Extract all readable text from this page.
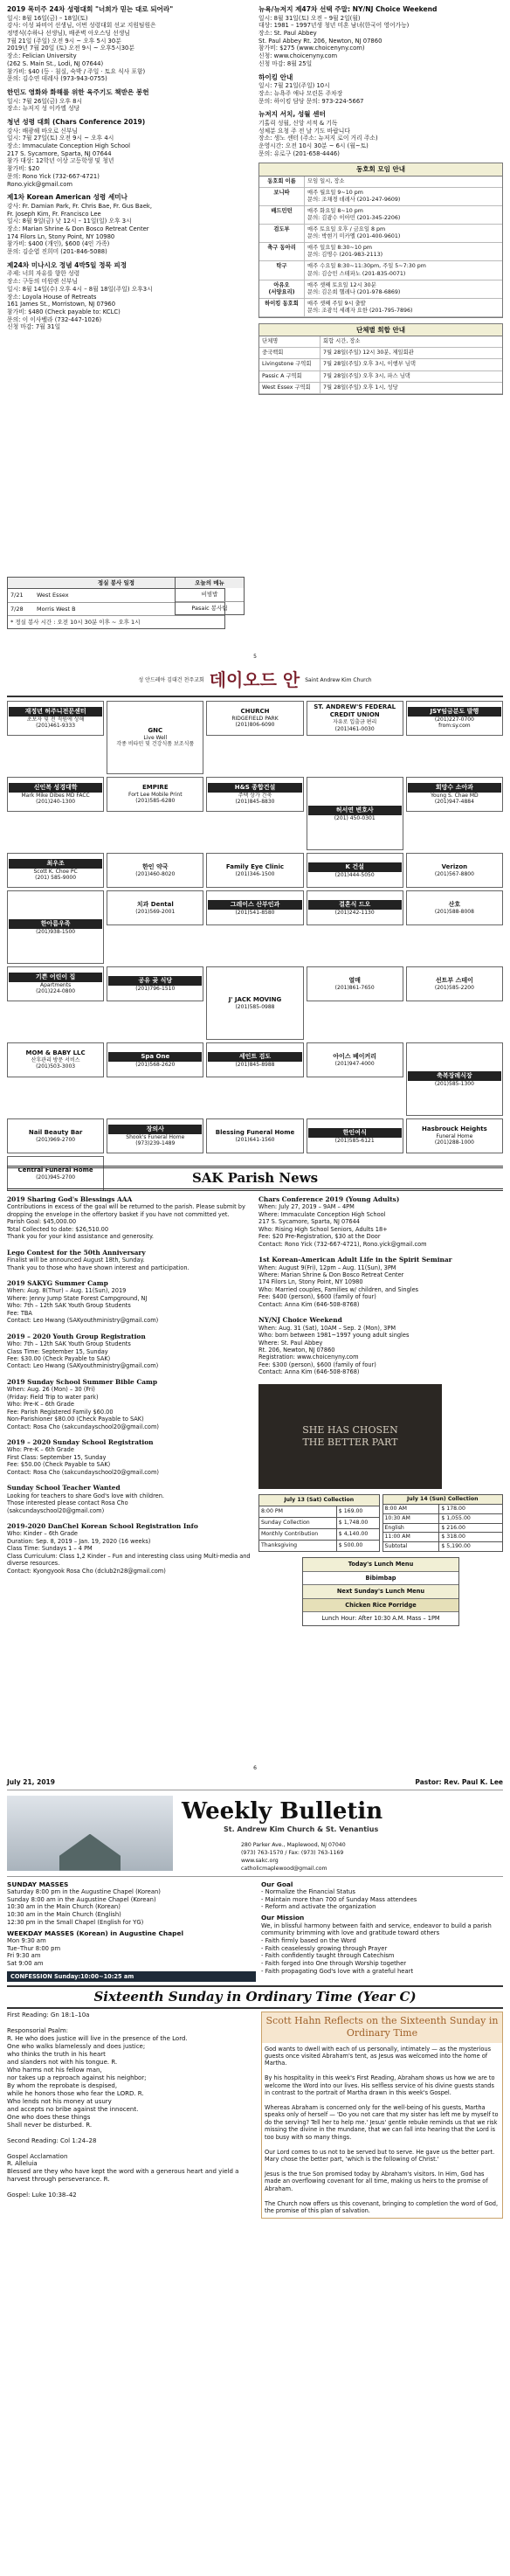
2019 목미주 24차 성령대회 "너희가 믿는 대로 되어라"

일시: 8월 16일(금) – 18일(토)
강사: 이성 파비어 선생님, 이번 성령대회 선교 지원팀원은
정명식(수하나 선생님), 배준벽 아오스딩 선생님
7월 21일 (주일) 오전 9시 ~ 오후 5시 30분
2019년 7월 20일 (토) 오전 9시 ~ 오후5시30분
장소: Felician University
(262 S. Main St., Lodi, NJ 07644)
참가비: $40 (등 · 침실, 숙박 / 주일 · 토요 식사 포함)
문의: 김수연 데레사 (973-943-0755)

한민도 영화와 화해를 위한 육주기도 책받은 봉헌

일시: 7월 26일(금) 오후 8시
장소: 뉴저지 성 이카엘 성당

청년 성령 대회 (Chars Conference 2019)

강사: 배광해 바오로 신부님
일시: 7월 27일(토) 오전 9시 ~ 오후 4시
장소: Immaculate Conception High School
217 S. Sycamore, Sparta, NJ 07644
참가 대상: 12학년 이상 고등학생 및 청년
참가비: $20
문의: Rono Yick (732-667-4721)
Rono.yick@gmail.com

제1차 Korean American 성령 세미나

강사: Fr. Damian Park, Fr. Chris Bae, Fr. Gus Baek,
Fr. Joseph Kim, Fr. Francisco Lee
일시: 8월 9일(금) 낮 12시 – 11일(일) 오후 3시
장소: Marian Shrine & Don Bosco Retreat Center
174 Filors Ln, Stony Point, NY 10980
참가비: $400 (개인), $600 (4인 가족)
문의: 김순엽 진희미 (201-846-5088)

제24차 미나시오 정념 4박5일 정묵 피정

주제: 너희 자유를 향한 성령
장소: 구동의 미원랜 신부님
일시: 8월 14일(수) 오후 4시 – 8월 18일(주일) 오후3시
장소: Loyola House of Retreats
161 James St., Morristown, NJ 07960
참가비: $480 (Check payable to: KCLC)
문의: 이 이사벨라 (732-447-1026)
신청 마감: 7월 31일

뉴욕/뉴저지 제47차 선택 주말: NY/NJ Choice Weekend

일시: 8월 31일(토) 오전 – 9월 2일(월)
대상: 1981 – 1997년생 청년 미혼 남녀(한국어 영어가능)
장소: St. Paul Abbey
St. Paul Abbey Rt. 206, Newton, NJ 07860
참가비: $275 (www.choicenyny.com)
신청: www.choicenyny.com
신청 마감: 8월 25일

하이킹 안내

일시: 7월 21일(주일) 10시
장소: 뉴욕주 애나 모린톤 주차장
문의: 하이킹 담당 문의: 973-224-5667

뉴저지 서치, 성월 센터

기홀릭 성월, 신앙 서적 & 기독
성체분 요청 주 전 날 기도 바랍니다
장소: 생노 센터 (주소: 뉴저지 로이 거리 주소)
운영시간: 오전 10시 30분 ~ 6시 (월~토)
문의: 유로구 (201-658-4446)

동호회 모임 안내
동호회 이름	모임 일시, 장소
보니따	매주 월요일 9~10 pm
문의: 조채경 데레사 (201-247-9609)
배드민턴	매주 화요일 8~10 pm
문의: 김광수 이아민 (201-345-2206)
검도부	매주 토요일 오후 / 금요일 8 pm
문의: 박현기 미카엘 (201-400-9601)
축구 동아리	매주 일요일 8:30~10 pm
문의: 김명수 (201-983-2113)
탁구	매주 수요일 8:30~11:30pm, 주일 5~7:30 pm
문의: 김승민 스테파노 (201-835-0071)
아유오
(서양요리)
매주 셋째 토요일 12시 30분
문의: 김은희 헬레나 (201-978-6869)
하이킹 동호회	매주 셋째 주일 9시 출발
문의: 조광석 세례자 요한 (201-795-7896)
단체별 회합 안내
단체명	회합 시간, 장소
중국백회	7월 28일(주일) 12시 30분, 제일회관
Livingstone 구역회	7월 28일(주일) 오후 3시, 이행부 님댁
Passic A 구역회	7월 28일(주일) 오후 3시, 파스 님댁
West Essex 구역회	7월 28일(주일) 오후 1시, 성당
정실 봉사 일정
7/21	West Essex
7/28	Morris West B
* 정실 봉사 시간 : 오전 10시 30분 이후 ~ 오후 1시
오늘의 메뉴
비빔밥
Pasaic 봉사팀
5
성 안드레아 김대건 천주교회 데이오드 안 Saint Andrew Kim Church
재정년 허주니전문센터
초보자 및 전 직원에 상해
(201)461-9333
GNC
Live Well
각종 비타민 및 건강식품 보조식품
CHURCH
RIDGEFIELD PARK
(201)806-6090
ST. ANDREW'S FEDERAL CREDIT UNION
자유로 입출금 편리
(201)461-0030
JSY임금분도 발행
(201)227-0700
from:sy.com
신인복 성경대학
Mark Mike Dibes MD FACC
(201)240-1300
EMPIRE
Fort Lee Mobile Print
(201)585-6280
H&S 종합건설
주택 상가 건축
(201)845-8830
허서연 변호사
(201) 450-0301
회망수 소아과
Young S. Chae MD
(201)947-4884
최우조
Scott K. Choe PC
(201) 585-9000
한인 약국
(201)460-8020
Family Eye Clinic
(201)346-1500
K 건설
(201)444-5050
Verizon
(201)567-8800
한아름우족
(201)938-1500
치과 Dental
(201)569-2001
그레이스 산부인과
(201)541-8580
결혼식 드오
(201)242-1130
산호
(201)588-8008
기쁜 어린이 집
Apartments
(201)224-0800
공유 곶 식당
(201)796-1510
J' JACK MOVING
(201)585-0988
열매
(201)861-7650
선트부 스테이
(201)585-2200
MOM & BABY LLC
산후관리 방문 서비스
(201)503-3003
Spa One
(201)568-2620
세인트 검도
(201)845-8988
아이스 베이커리
(201)947-4000
축복장례식장
(201)585-1300
Nail Beauty Bar
(201)969-2700
장의사
Shook's Funeral Home
(973)239-1489
Blessing Funeral Home
(201)641-1560
한인여식
(201)585-6121
Hasbrouck Heights
Funeral Home
(201)288-1000
Central Funeral Home
(201)945-2700	SAK Parish News
2019 Sharing God's Blessings AAA

Contributions in excess of the goal will be returned to the parish. Please submit by dropping the envelope in the offertory basket if you have not committed yet.
Parish Goal: $45,000.00
Total Collected to date: $26,510.00
Thank you for your kind assistance and generosity.

Lego Contest for the 50th Anniversary

Finalist will be announced August 18th, Sunday.
Thank you to those who have shown interest and participation.

2019 SAKYG Summer Camp

When: Aug. 8(Thur) – Aug. 11(Sun), 2019
Where: Jenny Jump State Forest Campground, NJ
Who: 7th – 12th SAK Youth Group Students
Fee: TBA
Contact: Leo Hwang (SAKyouthministry@gmail.com)

2019 – 2020 Youth Group Registration

Who: 7th – 12th SAK Youth Group Students
Class Time: September 15, Sunday
Fee: $30.00 (Check Payable to SAK)
Contact: Leo Hwang (SAKyouthministry@gmail.com)

2019 Sunday School Summer Bible Camp

When: Aug. 26 (Mon) – 30 (Fri)
(Friday: Field Trip to water park)
Who: Pre-K – 6th Grade
Fee: Parish Registered Family $60.00
Non-Parishioner $80.00 (Check Payable to SAK)
Contact: Rosa Cho (sakcundayschool20@gmail.com)

2019 – 2020 Sunday School Registration

Who: Pre-K – 6th Grade
First Class: September 15, Sunday
Fee: $50.00 (Check Payable to SAK)
Contact: Rosa Cho (sakcundayschool20@gmail.com)

Sunday School Teacher Wanted

Looking for teachers to share God's love with children.
Those interested please contact Rosa Cho
(sakcundayschool20@gmail.com)

2019-2020 DanChel Korean School Registration Info

Who: Kinder – 6th Grade
Duration: Sep. 8, 2019 – Jan. 19, 2020 (16 weeks)
Class Time: Sundays 1 – 4 PM
Class Curriculum: Class 1,2 Kinder – Fun and interesting class using Multi-media and diverse resources.
Contact: Kyongyook Rosa Cho (dclub2n28@gmail.com)

Chars Conference 2019 (Young Adults)

When: July 27, 2019 – 9AM – 4PM
Where: Immaculate Conception High School
217 S. Sycamore, Sparta, NJ 07644
Who: Rising High School Seniors, Adults 18+
Fee: $20 Pre-Registration, $30 at the Door
Contact: Rono Yick (732-667-4721), Rono.yick@gmail.com

1st Korean-American Adult Life in the Spirit Seminar

When: August 9(Fri), 12pm – Aug. 11(Sun), 3PM
Where: Marian Shrine & Don Bosco Retreat Center
174 Filors Ln, Stony Point, NY 10980
Who: Married couples, Families w/ children, and Singles
Fee: $400 (person), $600 (family of four)
Contact: Anna Kim (646-508-8768)

NY/NJ Choice Weekend

When: Aug. 31 (Sat), 10AM – Sep. 2 (Mon), 3PM
Who: born between 1981~1997 young adult singles
Where: St. Paul Abbey
Rt. 206, Newton, NJ 07860
Registration: www.choicenyny.com
Fee: $300 (person), $600 (family of four)
Contact: Anna Kim (646-508-8768)

SHE HAS CHOSEN
THE BETTER PART
July 13 (Sat) Collection	
8:00 PM	$ 169.00
Sunday Collection	$ 1,748.00
Monthly Contribution	$ 4,140.00
Thanksgiving	$ 500.00
July 14 (Sun) Collection	
8:00 AM	$ 178.00
10:30 AM	$ 1,055.00
English	$ 216.00
11:00 AM	$ 318.00
Subtotal	$ 5,190.00
Today's Lunch Menu
Bibimbap
Next Sunday's Lunch Menu
Chicken Rice Porridge
Lunch Hour: After 10:30 A.M. Mass – 1PM
6
July 21, 2019	Pastor: Rev. Paul K. Lee
Weekly Bulletin
St. Andrew Kim Church & St. Venantius
280 Parker Ave., Maplewood, NJ 07040
(973) 763-1570 / Fax: (973) 763-1169
www.sakc.org
catholicmaplewood@gmail.com
SUNDAY MASSES

Saturday 8:00 pm in the Augustine Chapel (Korean)
Sunday 8:00 am in the Augustine Chapel (Korean)
10:30 am in the Main Church (Korean)
10:30 am in the Main Church (English)
12:30 pm in the Small Chapel (English for YG)

WEEKDAY MASSES (Korean) in Augustine Chapel

Mon 9:30 am
Tue–Thur 8:00 pm
Fri 9:30 am
Sat 9:00 am

CONFESSION Sunday:10:00~10:25 am
Our Goal

- Normalize the Financial Status
- Maintain more than 700 of Sunday Mass attendees
- Reform and activate the organization

Our Mission

We, in blissful harmony between faith and service, endeavor to build a parish community brimming with love and gratitude toward others
- Faith firmly based on the Word
- Faith ceaselessly growing through Prayer
- Faith confidently taught through Catechism
- Faith forged into One through Worship together
- Faith propagating God's love with a grateful heart

Sixteenth Sunday in Ordinary Time (Year C)
First Reading: Gn 18:1–10a

Responsorial Psalm:
R. He who does justice will live in the presence of the Lord.
One who walks blamelessly and does justice;
who thinks the truth in his heart
and slanders not with his tongue. R.
Who harms not his fellow man,
nor takes up a reproach against his neighbor;
By whom the reprobate is despised,
while he honors those who fear the LORD. R.
Who lends not his money at usury
and accepts no bribe against the innocent.
One who does these things
Shall never be disturbed. R.

Second Reading: Col 1:24–28

Gospel Acclamation
R. Alleluia
Blessed are they who have kept the word with a generous heart and yield a harvest through perseverance. R.

Gospel: Luke 10:38–42
Scott Hahn Reflects on the Sixteenth Sunday in Ordinary Time

God wants to dwell with each of us personally, intimately — as the mysterious guests once visited Abraham's tent, as Jesus was welcomed into the home of Martha.

By his hospitality in this week's First Reading, Abraham shows us how we are to welcome the Word into our lives. His selfless service of his divine guests stands in contrast to the portrait of Martha drawn in this week's Gospel.

Whereas Abraham is concerned only for the well-being of his guests, Martha speaks only of herself — 'Do you not care that my sister has left me by myself to do the serving? Tell her to help me.' Jesus' gentle rebuke reminds us that we risk missing the divine in the mundane, that we can fall into hearing that the Lord is too busy with so many things.

Our Lord comes to us not to be served but to serve. He gave us the better part. Mary chose the better part, 'which is the following of Christ.'

Jesus is the true Son promised today by Abraham's visitors. In Him, God has made an overflowing covenant for all time, making us heirs to the promise of Abraham.

The Church now offers us this covenant, bringing to completion the word of God, the promise of this plan of salvation.
